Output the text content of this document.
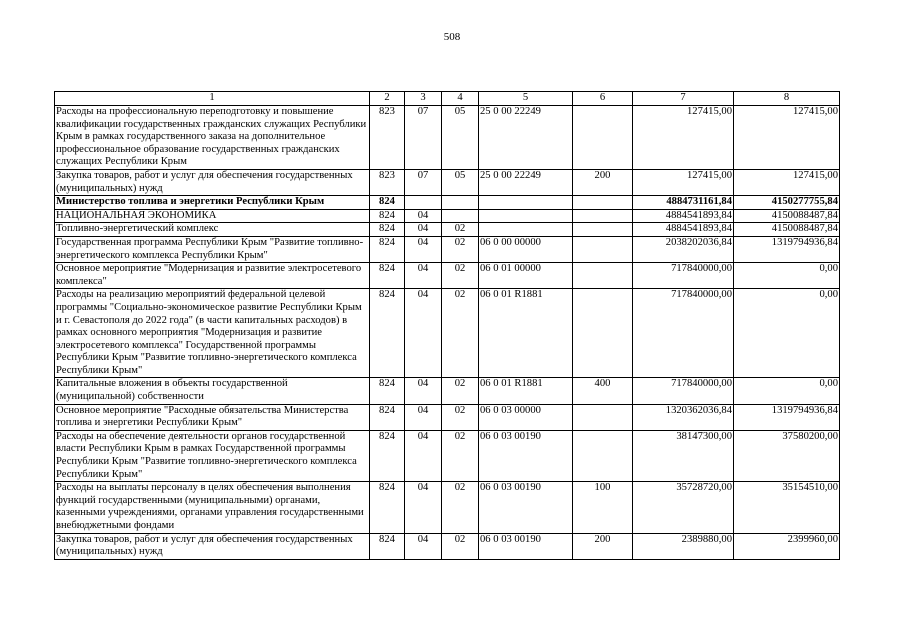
508
1	2	3	4	5	6	7	8
Расходы на профессиональную переподготовку и повышение квалификации государственных гражданских служащих Республики Крым в рамках государственного заказа на дополнительное профессиональное образование государственных гражданских служащих Республики Крым	823	07	05	25 0 00 22249		127415,00	127415,00
Закупка товаров, работ и услуг для обеспечения государственных (муниципальных) нужд	823	07	05	25 0 00 22249	200	127415,00	127415,00
Министерство топлива и энергетики Республики Крым	824					4884731161,84	4150277755,84
НАЦИОНАЛЬНАЯ ЭКОНОМИКА	824	04				4884541893,84	4150088487,84
Топливно-энергетический комплекс	824	04	02			4884541893,84	4150088487,84
Государственная программа Республики Крым "Развитие топливно-энергетического комплекса Республики Крым"	824	04	02	06 0 00 00000		2038202036,84	1319794936,84
Основное мероприятие "Модернизация и развитие электросетевого комплекса"	824	04	02	06 0 01 00000		717840000,00	0,00
Расходы на реализацию мероприятий федеральной целевой программы "Социально-экономическое развитие Республики Крым и г. Севастополя до 2022 года" (в части капитальных расходов) в рамках основного мероприятия "Модернизация и развитие электросетевого комплекса" Государственной программы Республики Крым "Развитие топливно-энергетического комплекса Республики Крым"	824	04	02	06 0 01 R1881		717840000,00	0,00
Капитальные вложения в объекты государственной (муниципальной) собственности	824	04	02	06 0 01 R1881	400	717840000,00	0,00
Основное мероприятие "Расходные обязательства Министерства топлива и энергетики Республики Крым"	824	04	02	06 0 03 00000		1320362036,84	1319794936,84
Расходы на обеспечение деятельности органов государственной власти Республики Крым в рамках Государственной программы Республики Крым "Развитие топливно-энергетического комплекса Республики Крым"	824	04	02	06 0 03 00190		38147300,00	37580200,00
Расходы на выплаты персоналу в целях обеспечения выполнения функций государственными (муниципальными) органами, казенными учреждениями, органами управления государственными внебюджетными фондами	824	04	02	06 0 03 00190	100	35728720,00	35154510,00
Закупка товаров, работ и услуг для обеспечения государственных (муниципальных) нужд	824	04	02	06 0 03 00190	200	2389880,00	2399960,00
